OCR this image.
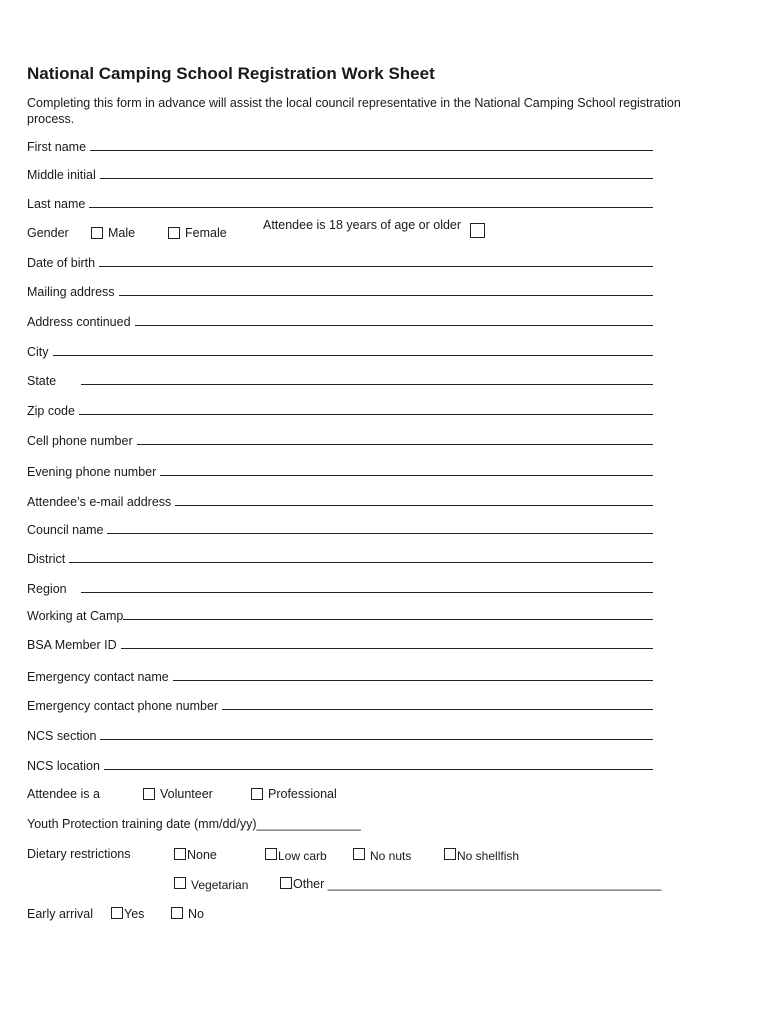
National Camping School Registration Work Sheet
Completing this form in advance will assist the local council representative in the National Camping School registration process.
First name
Middle initial
Last name
Gender	Male	Female
Attendee is 18 years of age or older
Date of birth
Mailing address
Address continued
City
State
Zip code
Cell phone number
Evening phone number
Attendee’s e-mail address
Council name
District
Region
Working at Camp
BSA Member ID
Emergency contact name
Emergency contact phone number
NCS section
NCS location
Attendee is a	Volunteer	Professional
Youth Protection training date (mm/dd/yy)_______________
Dietary restrictions	None	Low carb	No nuts	No shellfish
Vegetarian	Other ________________________________________________
Early arrival Yes	No
